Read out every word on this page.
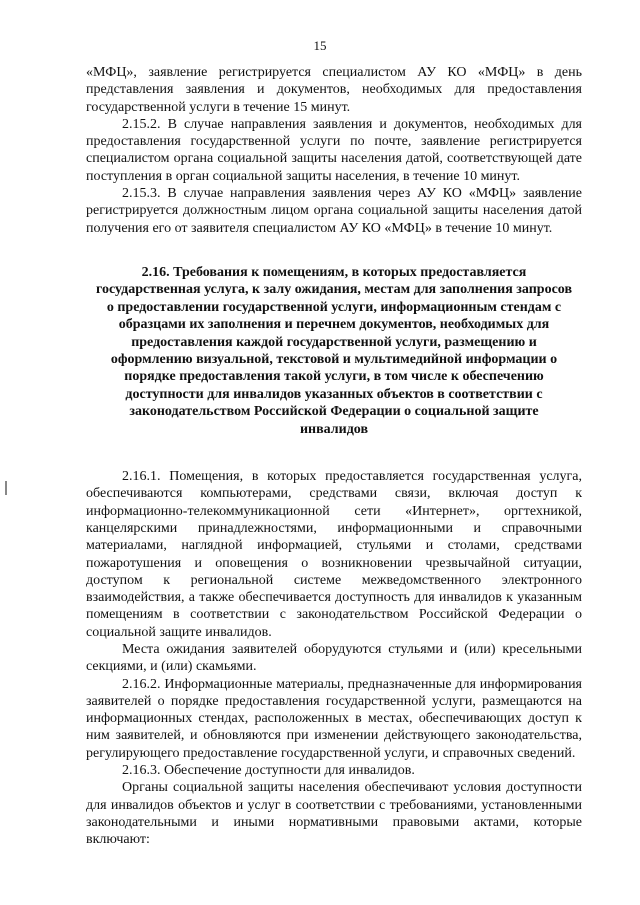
15

«МФЦ», заявление регистрируется специалистом АУ КО «МФЦ» в день представления заявления и документов, необходимых для предоставления государственной услуги в течение 15 минут.

2.15.2. В случае направления заявления и документов, необходимых для предоставления государственной услуги по почте, заявление регистрируется специалистом органа социальной защиты населения датой, соответствующей дате поступления в орган социальной защиты населения, в течение 10 минут.

2.15.3. В случае направления заявления через АУ КО «МФЦ» заявление регистрируется должностным лицом органа социальной защиты населения датой получения его от заявителя специалистом АУ КО «МФЦ» в течение 10 минут.

2.16. Требования к помещениям, в которых предоставляется государственная услуга, к залу ожидания, местам для заполнения запросов о предоставлении государственной услуги, информационным стендам с образцами их заполнения и перечнем документов, необходимых для предоставления каждой государственной услуги, размещению и оформлению визуальной, текстовой и мультимедийной информации о порядке предоставления такой услуги, в том числе к обеспечению доступности для инвалидов указанных объектов в соответствии с законодательством Российской Федерации о социальной защите инвалидов

2.16.1. Помещения, в которых предоставляется государственная услуга, обеспечиваются компьютерами, средствами связи, включая доступ к информационно-телекоммуникационной сети «Интернет», оргтехникой, канцелярскими принадлежностями, информационными и справочными материалами, наглядной информацией, стульями и столами, средствами пожаротушения и оповещения о возникновении чрезвычайной ситуации, доступом к региональной системе межведомственного электронного взаимодействия, а также обеспечивается доступность для инвалидов к указанным помещениям в соответствии с законодательством Российской Федерации о социальной защите инвалидов.

Места ожидания заявителей оборудуются стульями и (или) кресельными секциями, и (или) скамьями.

2.16.2. Информационные материалы, предназначенные для информирования заявителей о порядке предоставления государственной услуги, размещаются на информационных стендах, расположенных в местах, обеспечивающих доступ к ним заявителей, и обновляются при изменении действующего законодательства, регулирующего предоставление государственной услуги, и справочных сведений.

2.16.3. Обеспечение доступности для инвалидов.

Органы социальной защиты населения обеспечивают условия доступности для инвалидов объектов и услуг в соответствии с требованиями, установленными законодательными и иными нормативными правовыми актами, которые включают:
